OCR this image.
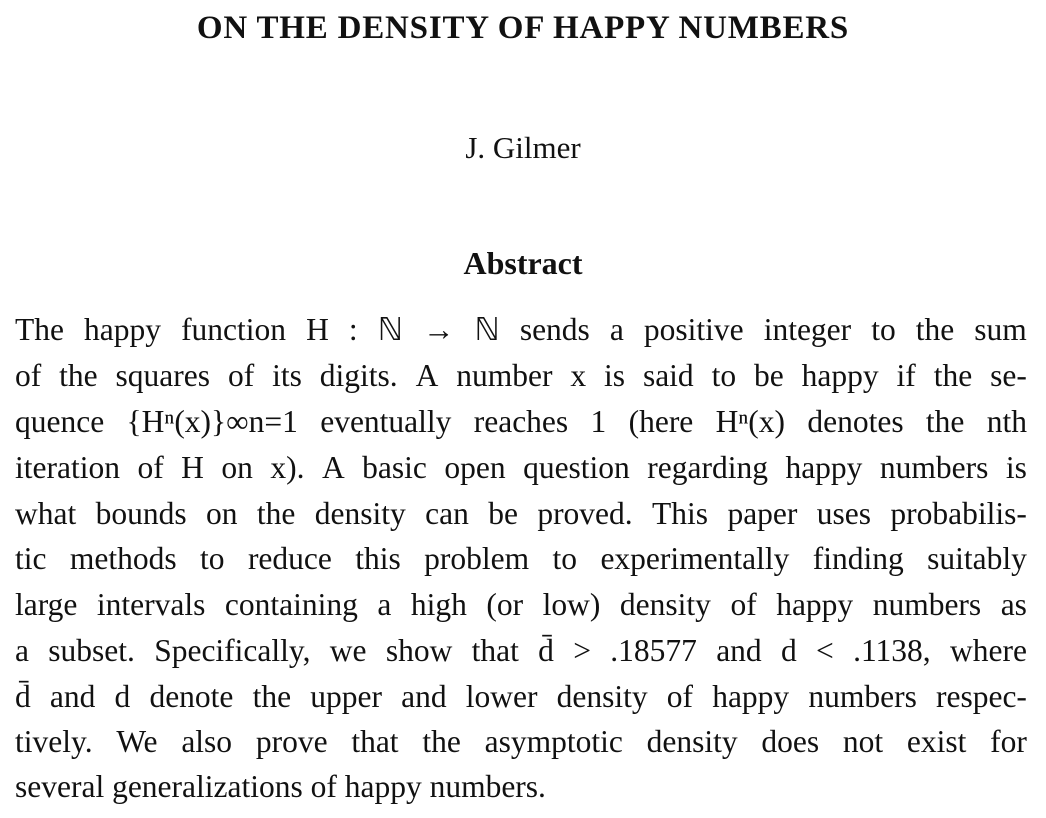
ON THE DENSITY OF HAPPY NUMBERS
J. Gilmer
Abstract
The happy function H : ℕ → ℕ sends a positive integer to the sum
of the squares of its digits. A number x is said to be happy if the se-
quence {Hⁿ(x)}∞n=1 eventually reaches 1 (here Hⁿ(x) denotes the nth
iteration of H on x). A basic open question regarding happy numbers is
what bounds on the density can be proved. This paper uses probabilis-
tic methods to reduce this problem to experimentally finding suitably
large intervals containing a high (or low) density of happy numbers as
a subset. Specifically, we show that d̄ > .18577 and d < .1138, where
d̄ and d denote the upper and lower density of happy numbers respec-
tively. We also prove that the asymptotic density does not exist for
several generalizations of happy numbers.
